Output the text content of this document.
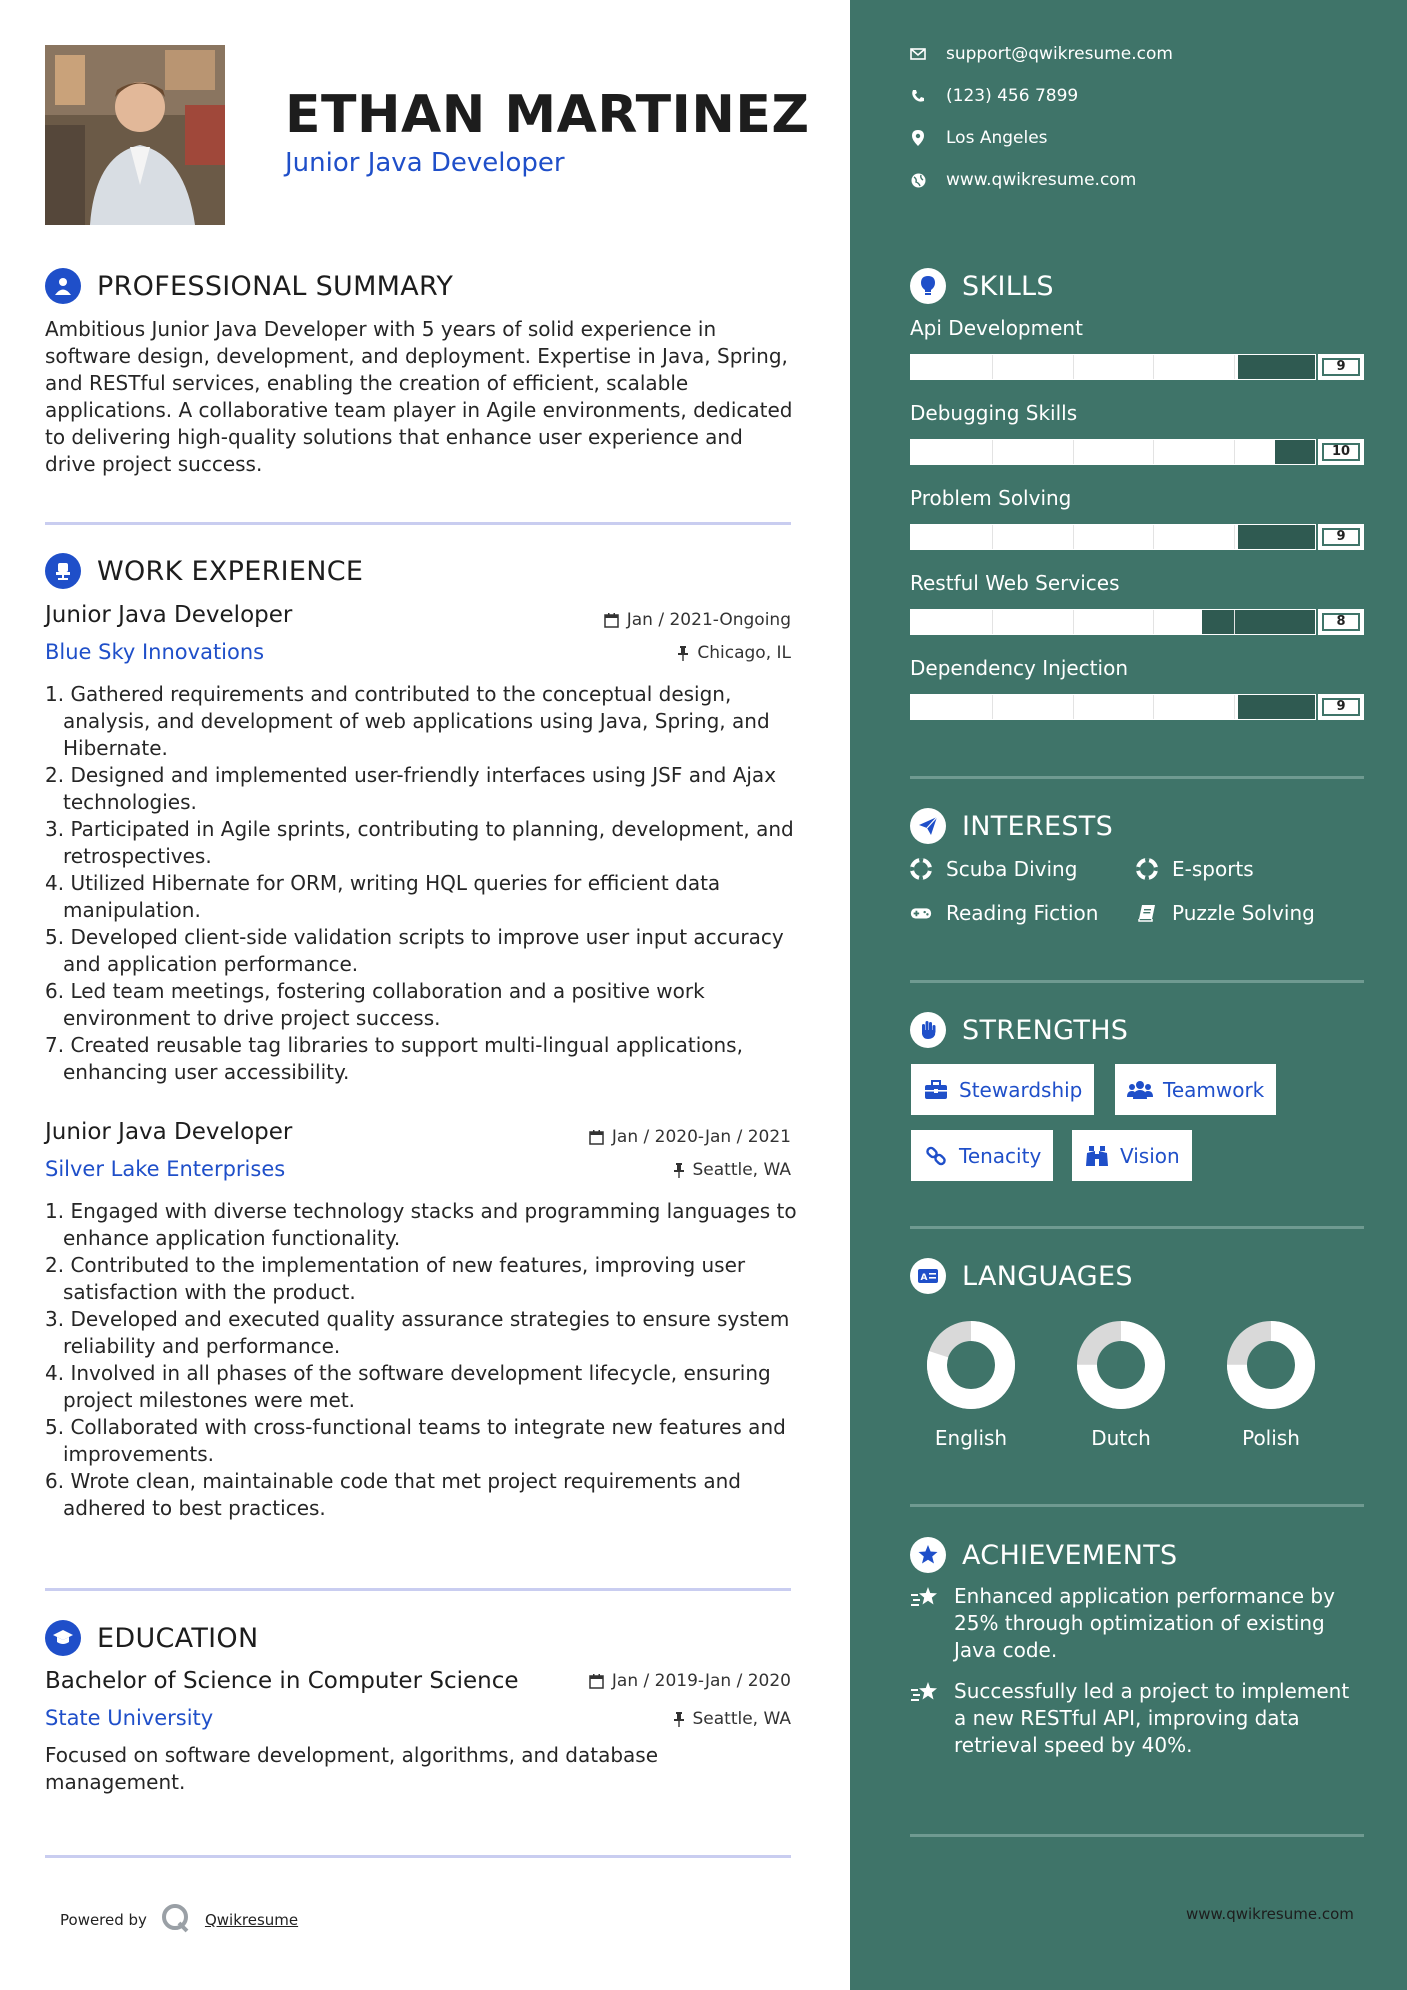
ETHAN MARTINEZ
Junior Java Developer
PROFESSIONAL SUMMARY
Ambitious Junior Java Developer with 5 years of solid experience in software design, development, and deployment. Expertise in Java, Spring, and RESTful services, enabling the creation of efficient, scalable applications. A collaborative team player in Agile environments, dedicated to delivering high-quality solutions that enhance user experience and drive project success.
WORK EXPERIENCE
Junior Java Developer	Jan / 2021-Ongoing
Blue Sky Innovations	Chicago, IL
1. Gathered requirements and contributed to the conceptual design, analysis, and development of web applications using Java, Spring, and Hibernate.
2. Designed and implemented user-friendly interfaces using JSF and Ajax technologies.
3. Participated in Agile sprints, contributing to planning, development, and retrospectives.
4. Utilized Hibernate for ORM, writing HQL queries for efficient data manipulation.
5. Developed client-side validation scripts to improve user input accuracy and application performance.
6. Led team meetings, fostering collaboration and a positive work environment to drive project success.
7. Created reusable tag libraries to support multi-lingual applications, enhancing user accessibility.
Junior Java Developer	Jan / 2020-Jan / 2021
Silver Lake Enterprises	Seattle, WA
1. Engaged with diverse technology stacks and programming languages to enhance application functionality.
2. Contributed to the implementation of new features, improving user satisfaction with the product.
3. Developed and executed quality assurance strategies to ensure system reliability and performance.
4. Involved in all phases of the software development lifecycle, ensuring project milestones were met.
5. Collaborated with cross-functional teams to integrate new features and improvements.
6. Wrote clean, maintainable code that met project requirements and adhered to best practices.
EDUCATION
Bachelor of Science in Computer Science	Jan / 2019-Jan / 2020
State University	Seattle, WA
Focused on software development, algorithms, and database management.
Powered by	Qwikresume
support@qwikresume.com
(123) 456 7899
Los Angeles
www.qwikresume.com
SKILLS
Api Development
9
Debugging Skills
10
Problem Solving
9
Restful Web Services
8
Dependency Injection
9
INTERESTS
Scuba Diving	E-sports
Reading Fiction	Puzzle Solving
STRENGTHS
Stewardship	Teamwork
Tenacity	Vision
A LANGUAGES
English	Dutch	Polish
ACHIEVEMENTS
Enhanced application performance by 25% through optimization of existing Java code.
Successfully led a project to implement a new RESTful API, improving data retrieval speed by 40%.
www.qwikresume.com
